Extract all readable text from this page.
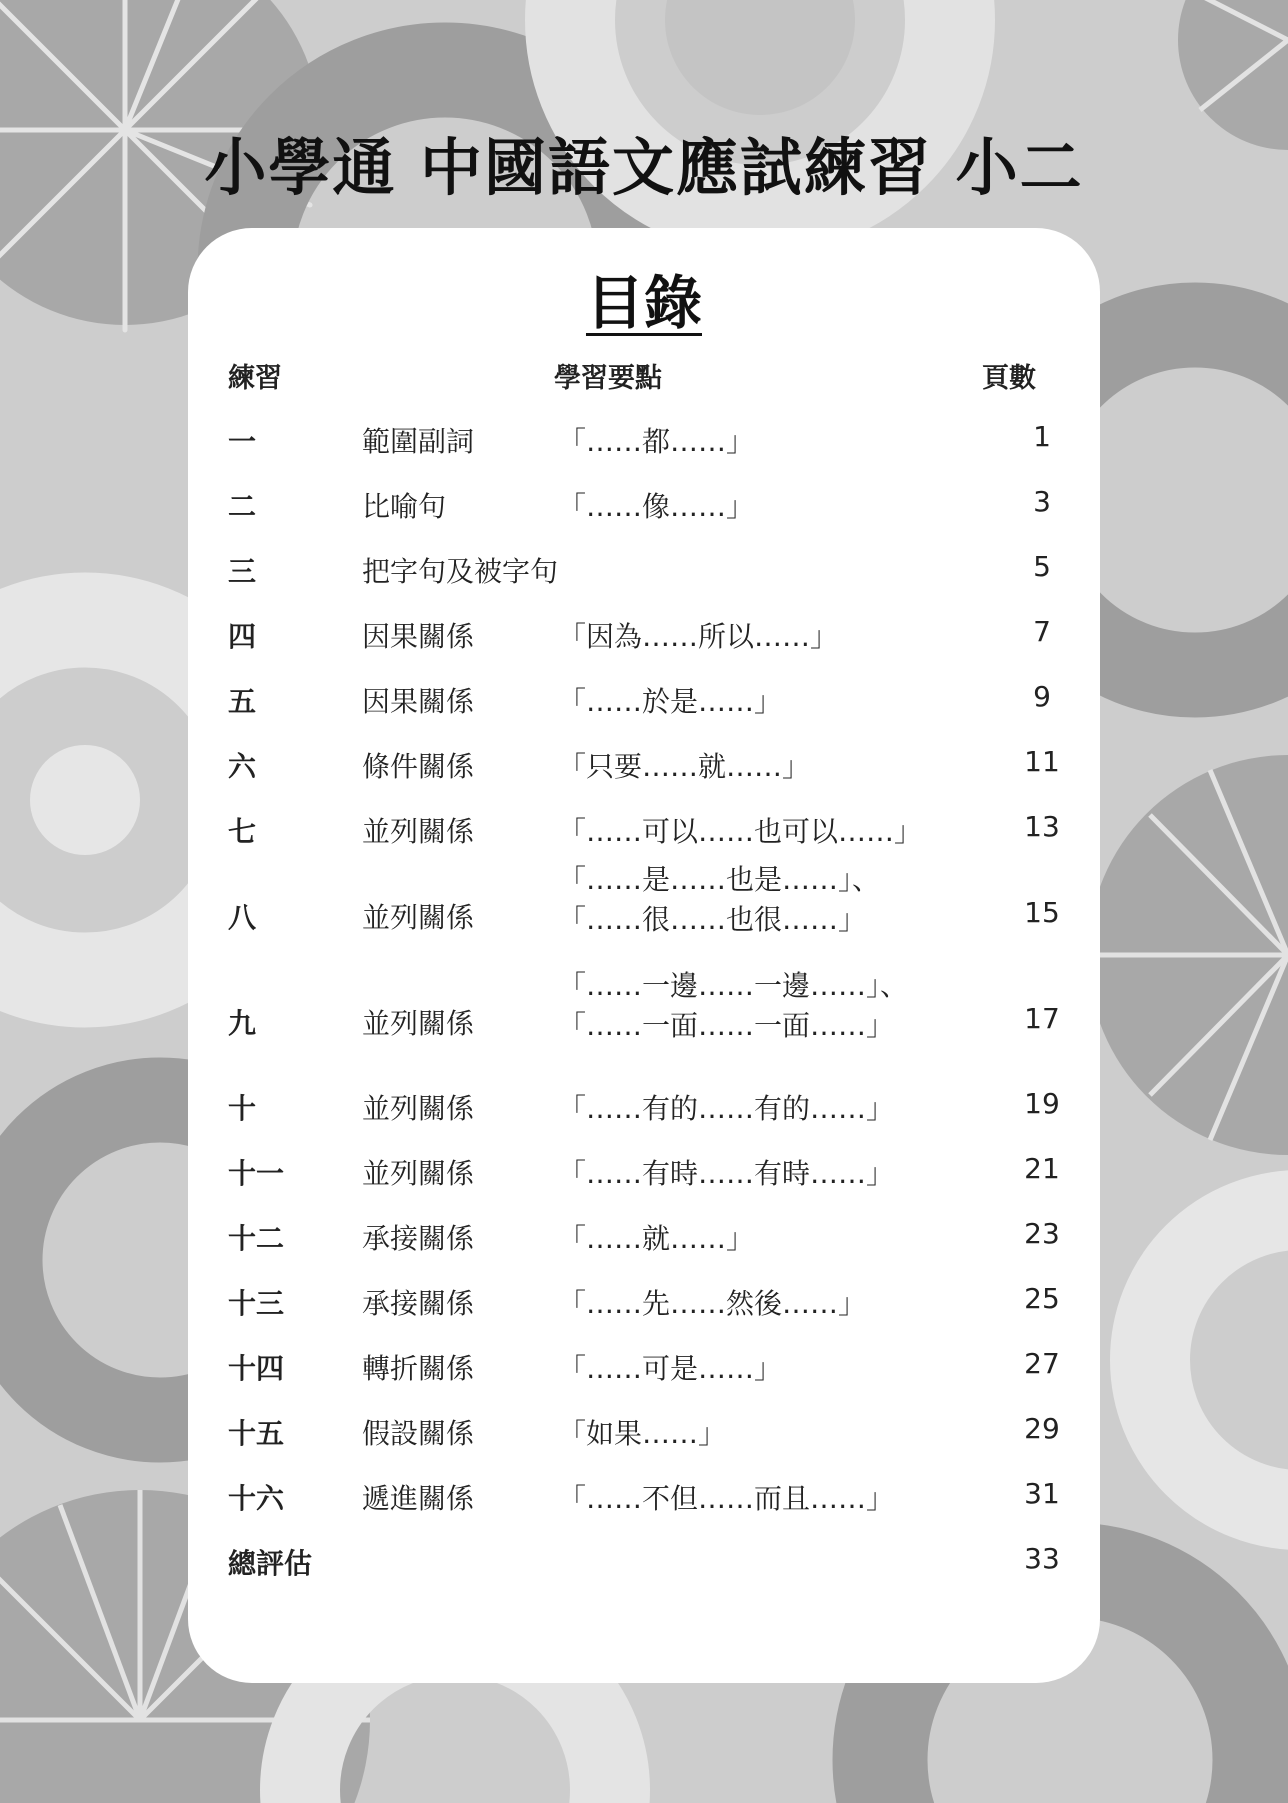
小學通 中國語文應試練習 小二
目錄
練習	學習要點	頁數
一	範圍副詞	「……都……」	1
二	比喻句	「……像……」	3
三	把字句及被字句	5
四	因果關係	「因為……所以……」	7
五	因果關係	「……於是……」	9
六	條件關係	「只要……就……」	11
七	並列關係	「……可以……也可以……」	13
八	並列關係
「……是……也是……」、
「……很……也很……」	15
九	並列關係
「……一邊……一邊……」、
「……一面……一面……」	17
十	並列關係	「……有的……有的……」	19
十一	並列關係	「……有時……有時……」	21
十二	承接關係	「……就……」	23
十三	承接關係	「……先……然後……」	25
十四	轉折關係	「……可是……」	27
十五	假設關係	「如果……」	29
十六	遞進關係	「……不但……而且……」	31
總評估	33
